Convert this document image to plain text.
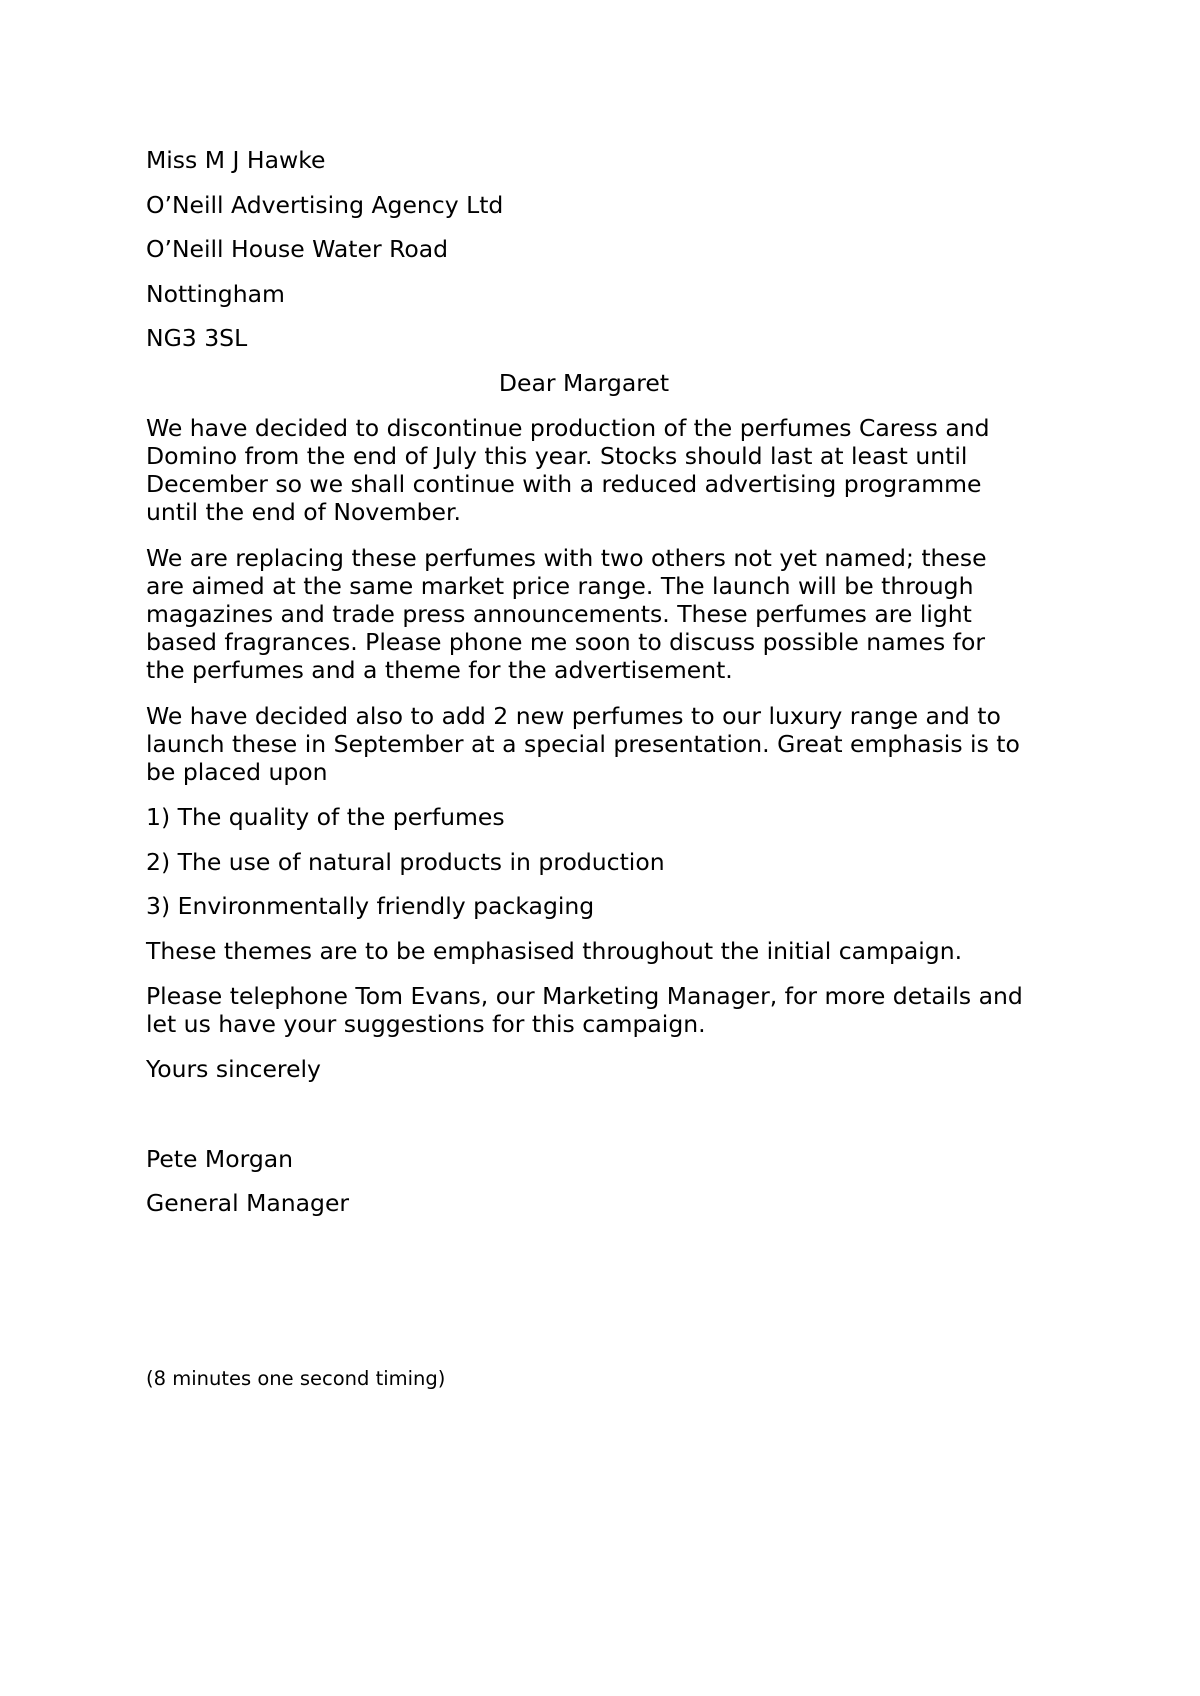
Miss M J Hawke

O’Neill Advertising Agency Ltd

O’Neill House Water Road

Nottingham

NG3 3SL

Dear Margaret

We have decided to discontinue production of the perfumes Caress and

Domino from the end of July this year. Stocks should last at least until

December so we shall continue with a reduced advertising programme

until the end of November.

We are replacing these perfumes with two others not yet named; these

are aimed at the same market price range. The launch will be through

magazines and trade press announcements. These perfumes are light

based fragrances. Please phone me soon to discuss possible names for

the perfumes and a theme for the advertisement.

We have decided also to add 2 new perfumes to our luxury range and to

launch these in September at a special presentation. Great emphasis is to

be placed upon

1) The quality of the perfumes

2) The use of natural products in production

3) Environmentally friendly packaging

These themes are to be emphasised throughout the initial campaign.

Please telephone Tom Evans, our Marketing Manager, for more details and

let us have your suggestions for this campaign.

Yours sincerely

Pete Morgan

General Manager

(8 minutes one second timing)
